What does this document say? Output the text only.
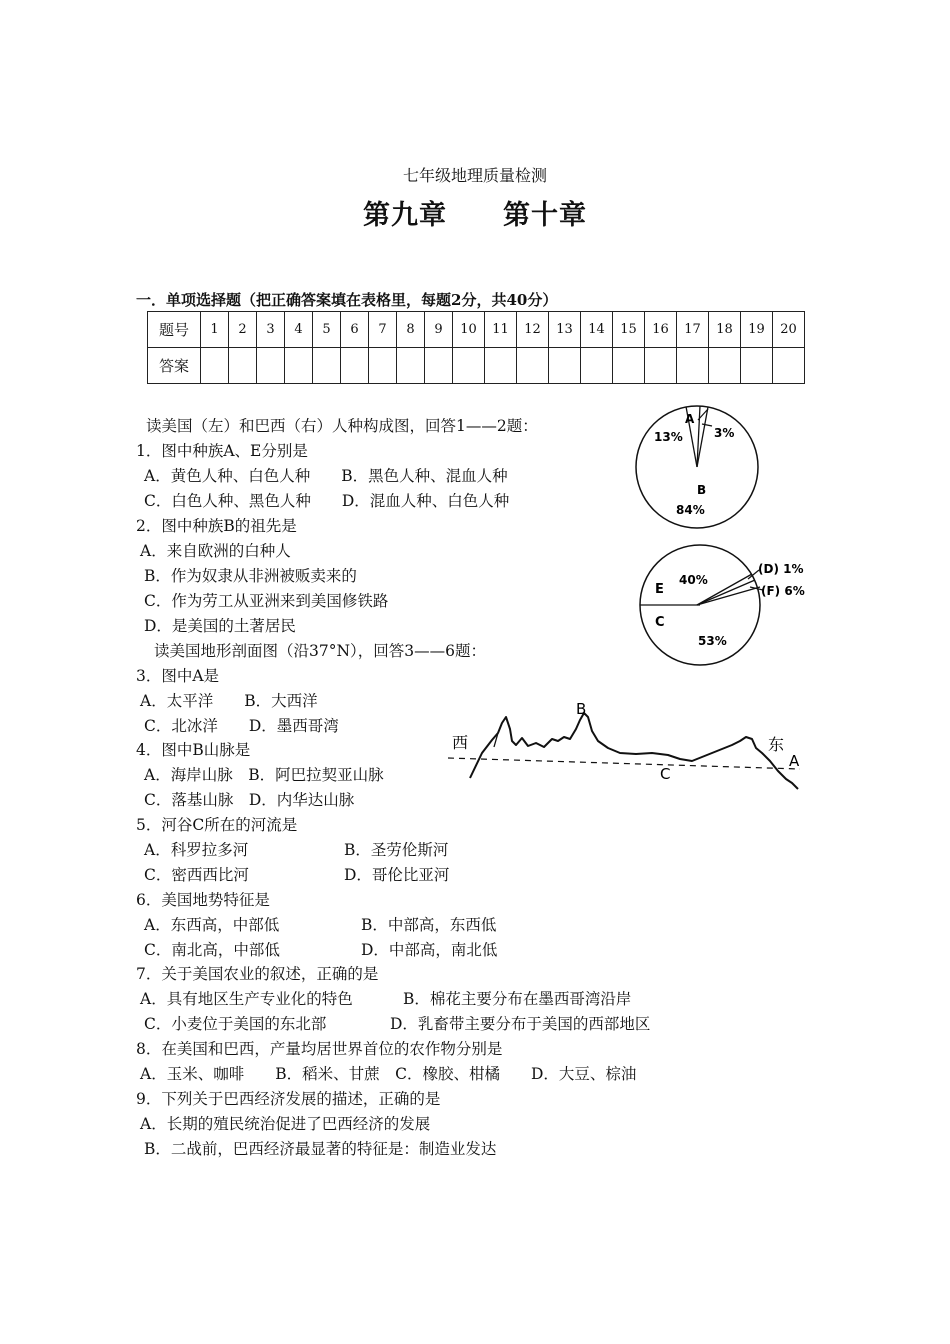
七年级地理质量检测
第九章　　第十章
一．单项选择题（把正确答案填在表格里，每题2分，共40分）
题号	1	2	3	4	5	6	7	8	9	10	11	12	13	14	15	16	17	18	19	20
答案																				
读美国（左）和巴西（右）人种构成图，回答1——2题：
1．图中种族A、E分别是
A．黄色人种、白色人种　　B．黑色人种、混血人种
C．白色人种、黑色人种　　D．混血人种、白色人种
2．图中种族B的祖先是
A．来自欧洲的白种人
B．作为奴隶从非洲被贩卖来的
C．作为劳工从亚洲来到美国修铁路
D．是美国的土著居民
读美国地形剖面图（沿37°N），回答3——6题：
3．图中A是
A．太平洋　　B．大西洋
C．北冰洋　　D．墨西哥湾
4．图中B山脉是
A．海岸山脉　B．阿巴拉契亚山脉
C．落基山脉　D．内华达山脉
5．河谷C所在的河流是
A．科罗拉多河	B．圣劳伦斯河
C．密西西比河	D．哥伦比亚河
6．美国地势特征是
A．东西高，中部低	B．中部高，东西低
C．南北高，中部低	D．中部高，南北低
7．关于美国农业的叙述，正确的是
A．具有地区生产专业化的特色	B．棉花主要分布在墨西哥湾沿岸
C．小麦位于美国的东北部	D．乳畜带主要分布于美国的西部地区
8．在美国和巴西，产量均居世界首位的农作物分别是
A．玉米、咖啡　　B．稻米、甘蔗　C．橡胶、柑橘　　D．大豆、棕油
9．下列关于巴西经济发展的描述，正确的是
A．长期的殖民统治促进了巴西经济的发展
B．二战前，巴西经济最显著的特征是：制造业发达
A
13%	3%
B
84%
40%
E
(D) 1%
(F) 6%
C
53%
西	东
B
C
A
